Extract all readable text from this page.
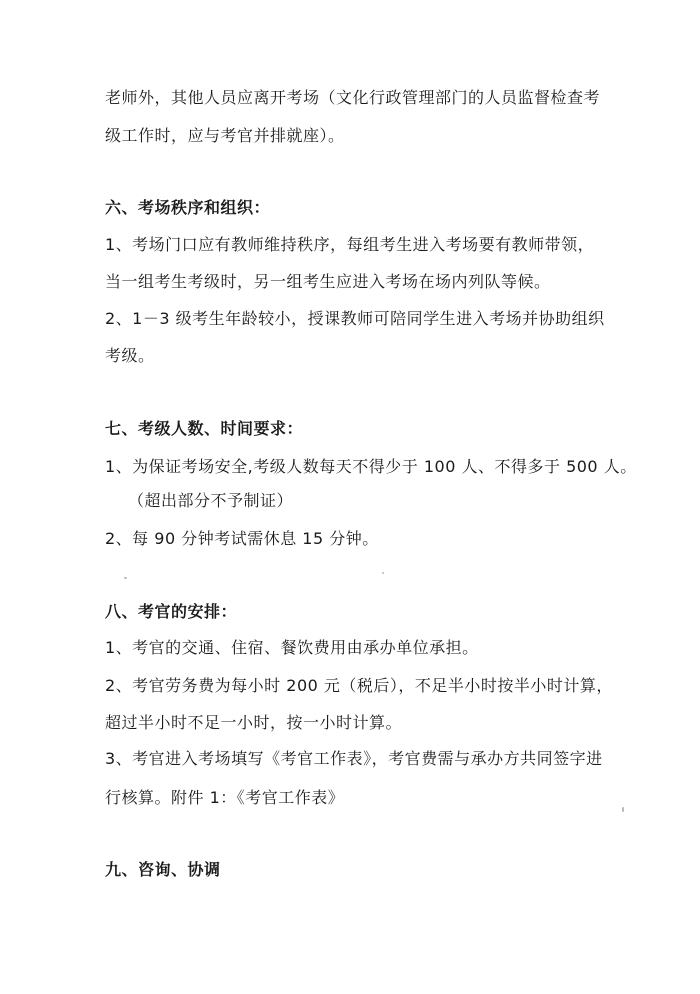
老师外，其他人员应离开考场（文化行政管理部门的人员监督检查考
级工作时，应与考官并排就座）。
六、考场秩序和组织：
1、考场门口应有教师维持秩序，每组考生进入考场要有教师带领，
当一组考生考级时，另一组考生应进入考场在场内列队等候。
2、1－3 级考生年龄较小，授课教师可陪同学生进入考场并协助组织
考级。
七、考级人数、时间要求：
1、为保证考场安全,考级人数每天不得少于 100 人、不得多于 500 人。
（超出部分不予制证）
2、每 90 分钟考试需休息 15 分钟。
八、考官的安排：
1、考官的交通、住宿、餐饮费用由承办单位承担。
2、考官劳务费为每小时 200 元（税后），不足半小时按半小时计算，
超过半小时不足一小时，按一小时计算。
3、考官进入考场填写《考官工作表》，考官费需与承办方共同签字进
行核算。附件 1：《考官工作表》
九、咨询、协调
